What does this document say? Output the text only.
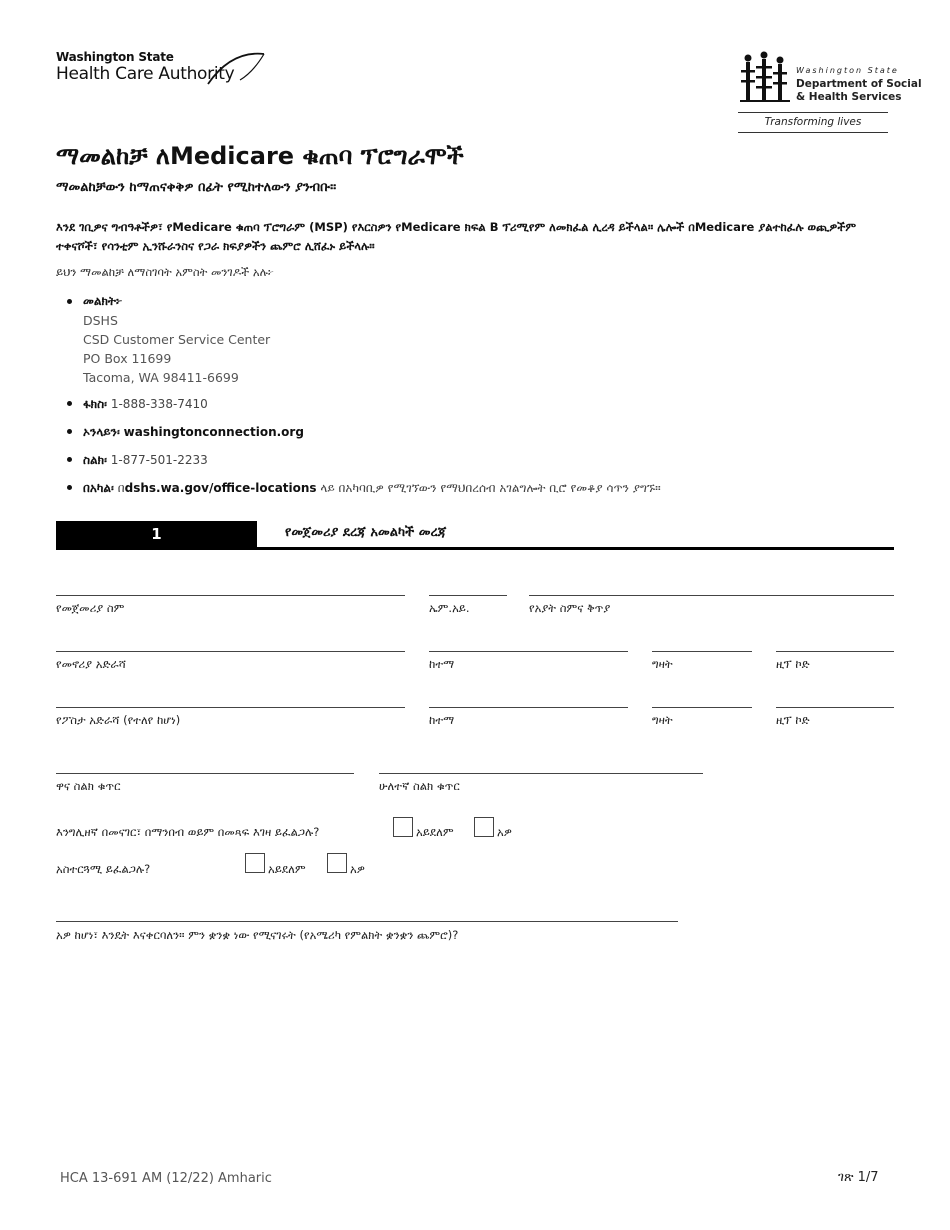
Washington State
Health Care Authority	Washington State
Department of Social
& Health Services
Transforming lives
ማመልከቻ ለMedicare ቁጠባ ፕሮግራሞች
ማመልከቻውን ከማጠናቀቅዎ በፊት የሚከተለውን ያንብቡ።
እንደ ገቢዎና ግብዓቶችዎ፣ የMedicare ቁጠባ ፕሮግራም (MSP) የእርስዎን የMedicare ክፍል B ፕሪሚየም ለመክፈል ሊረዳ ይችላል። ሌሎች በMedicare ያልተከፈሉ ወጪዎችም ተቀናሾች፣ የሳንቲም ኢንሹራንስና የጋራ ክፍያዎችን ጨምሮ ሊሸፈኑ ይችላሉ።
ይህን ማመልከቻ ለማስገባት አምስት መንገዶች አሉ፦
መልክት፦
DSHS
CSD Customer Service Center
PO Box 11699
Tacoma, WA 98411-6699
ፋክስ፡ 1-888-338-7410
ኦንላይን፡ washingtonconnection.org
ስልክ፡ 1-877-501-2233
በአካል፡ በdshs.wa.gov/office-locations ላይ በአካባቢዎ የሚገኘውን የማህበረሰብ አገልግሎት ቢሮ የመቆያ ሳጥን ያግኙ።
1	የመጀመሪያ ደረጃ አመልካች መረጃ
የመጀመሪያ ስም	ኤም.አይ.	የአያት ስምና ቅጥያ
የመኖሪያ አድራሻ	ከተማ	ግዛት	ዚፕ ኮድ
የፖስታ አድራሻ (የተለየ ከሆነ)	ከተማ	ግዛት	ዚፕ ኮድ
ዋና ስልክ ቁጥር	ሁለተኛ ስልክ ቁጥር
እንግሊዘኛ በመናገር፣ በማንበብ ወይም በመጻፍ እገዛ ይፈልጋሉ?	አይደለም	አዎ
አስተርጓሚ ይፈልጋሉ?	አይደለም	አዎ
አዎ ከሆነ፣ እንዴት እናቀርባለን። ምን ቋንቋ ነው የሚናገሩት (የአሜሪካ የምልክት ቋንቋን ጨምሮ)?
HCA 13-691 AM (12/22) Amharic	ገጽ 1/7
